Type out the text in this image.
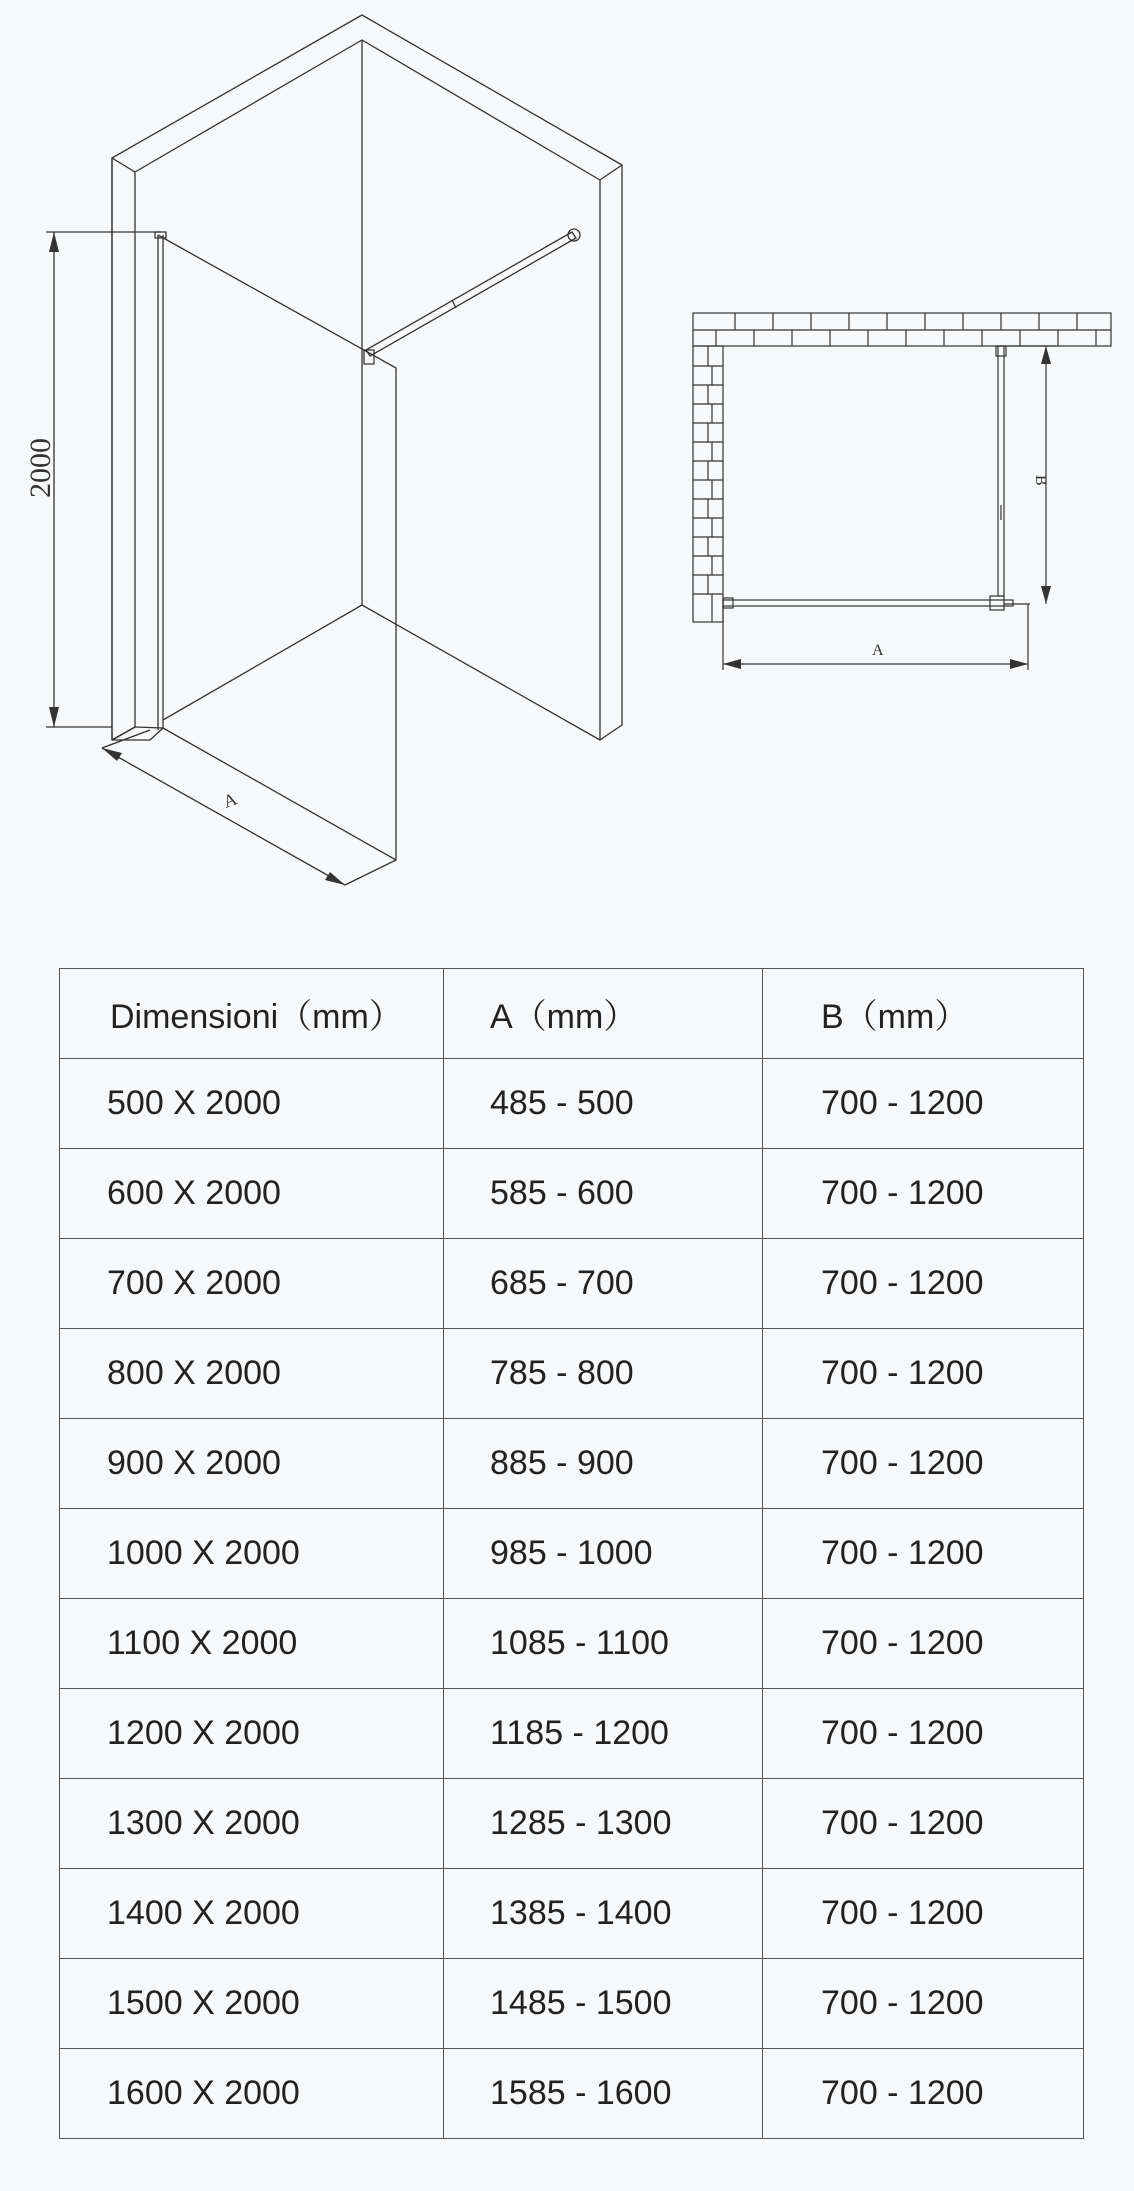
2000
A
B
A
Dimensioni（mm）	A（mm）	B（mm）
500 X 2000	485 - 500	700 - 1200
600 X 2000	585 - 600	700 - 1200
700 X 2000	685 - 700	700 - 1200
800 X 2000	785 - 800	700 - 1200
900 X 2000	885 - 900	700 - 1200
1000 X 2000	985 - 1000	700 - 1200
1100 X 2000	1085 - 1100	700 - 1200
1200 X 2000	1185 - 1200	700 - 1200
1300 X 2000	1285 - 1300	700 - 1200
1400 X 2000	1385 - 1400	700 - 1200
1500 X 2000	1485 - 1500	700 - 1200
1600 X 2000	1585 - 1600	700 - 1200
